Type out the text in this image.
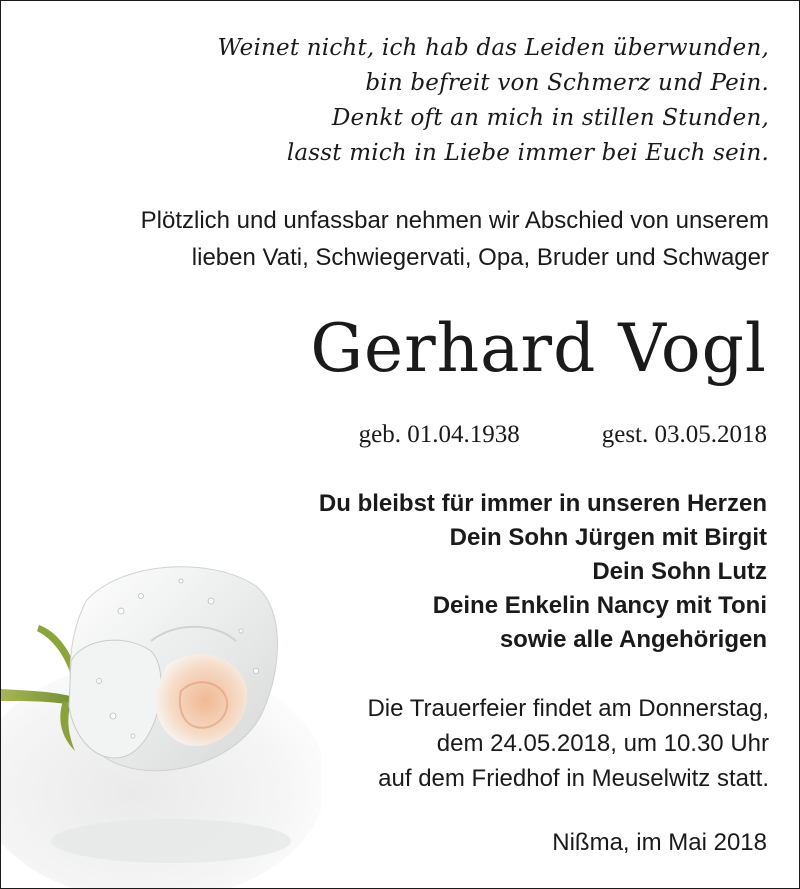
Weinet nicht, ich hab das Leiden überwunden,
bin befreit von Schmerz und Pein.
Denkt oft an mich in stillen Stunden,
lasst mich in Liebe immer bei Euch sein.
Plötzlich und unfassbar nehmen wir Abschied von unserem
lieben Vati, Schwiegervati, Opa, Bruder und Schwager
Gerhard Vogl
geb. 01.04.1938	gest. 03.05.2018
Du bleibst für immer in unseren Herzen
Dein Sohn Jürgen mit Birgit
Dein Sohn Lutz
Deine Enkelin Nancy mit Toni
sowie alle Angehörigen
Die Trauerfeier findet am Donnerstag,
dem 24.05.2018, um 10.30 Uhr
auf dem Friedhof in Meuselwitz statt.
Nißma, im Mai 2018
